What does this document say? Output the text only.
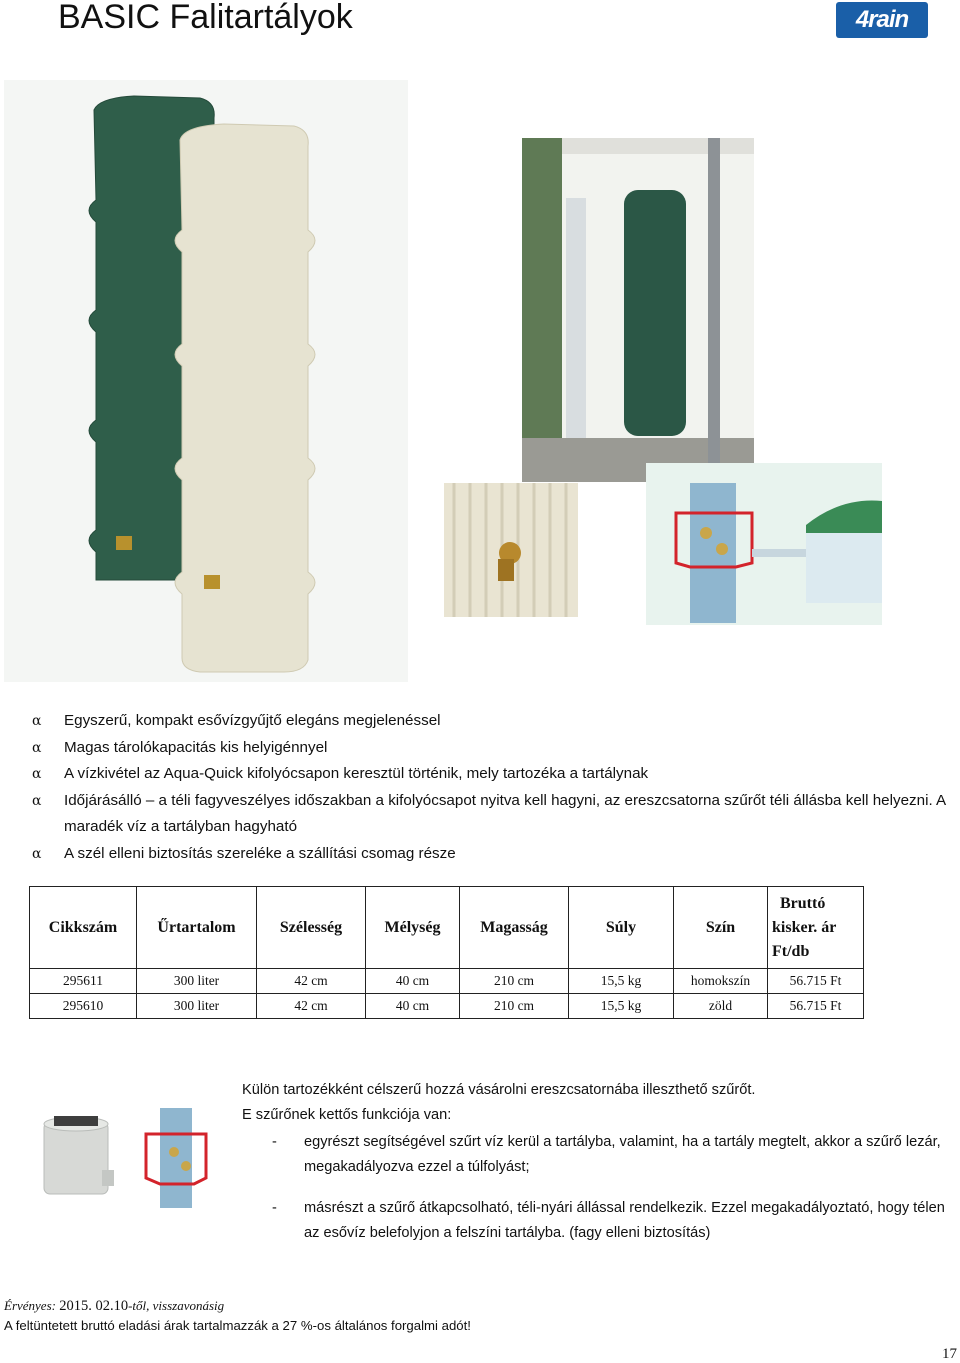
BASIC Falitartályok	4rain
α Egyszerű, kompakt esővízgyűjtő elegáns megjelenéssel
α Magas tárolókapacitás kis helyigénnyel
α A vízkivétel az Aqua-Quick kifolyócsapon keresztül történik, mely tartozéka a tartálynak
α Időjárásálló – a téli fagyveszélyes időszakban a kifolyócsapot nyitva kell hagyni, az ereszcsatorna szűrőt téli állásba kell helyezni. A maradék víz a tartályban hagyható
α A szél elleni biztosítás szereléke a szállítási csomag része
Cikkszám	Űrtartalom	Szélesség	Mélység	Magasság	Súly	Szín	Bruttó
kisker. ár
Ft/db

295611	300 liter	42 cm	40 cm	210 cm	15,5 kg	homokszín	56.715 Ft
295610	300 liter	42 cm	40 cm	210 cm	15,5 kg	zöld	56.715 Ft
Külön tartozékként célszerű hozzá vásárolni ereszcsatornába illeszthető szűrőt.
E szűrőnek kettős funkciója van:
- egyrészt segítségével szűrt víz kerül a tartályba, valamint, ha a tartály megtelt, akkor a szűrő lezár, megakadályozva ezzel a túlfolyást;
- másrészt a szűrő átkapcsolható, téli-nyári állással rendelkezik. Ezzel megakadályoztató, hogy télen az esővíz belefolyjon a felszíni tartályba. (fagy elleni biztosítás)
Érvényes: 2015. 02.10-től, visszavonásig
A feltüntetett bruttó eladási árak tartalmazzák a 27 %-os általános forgalmi adót!
17
